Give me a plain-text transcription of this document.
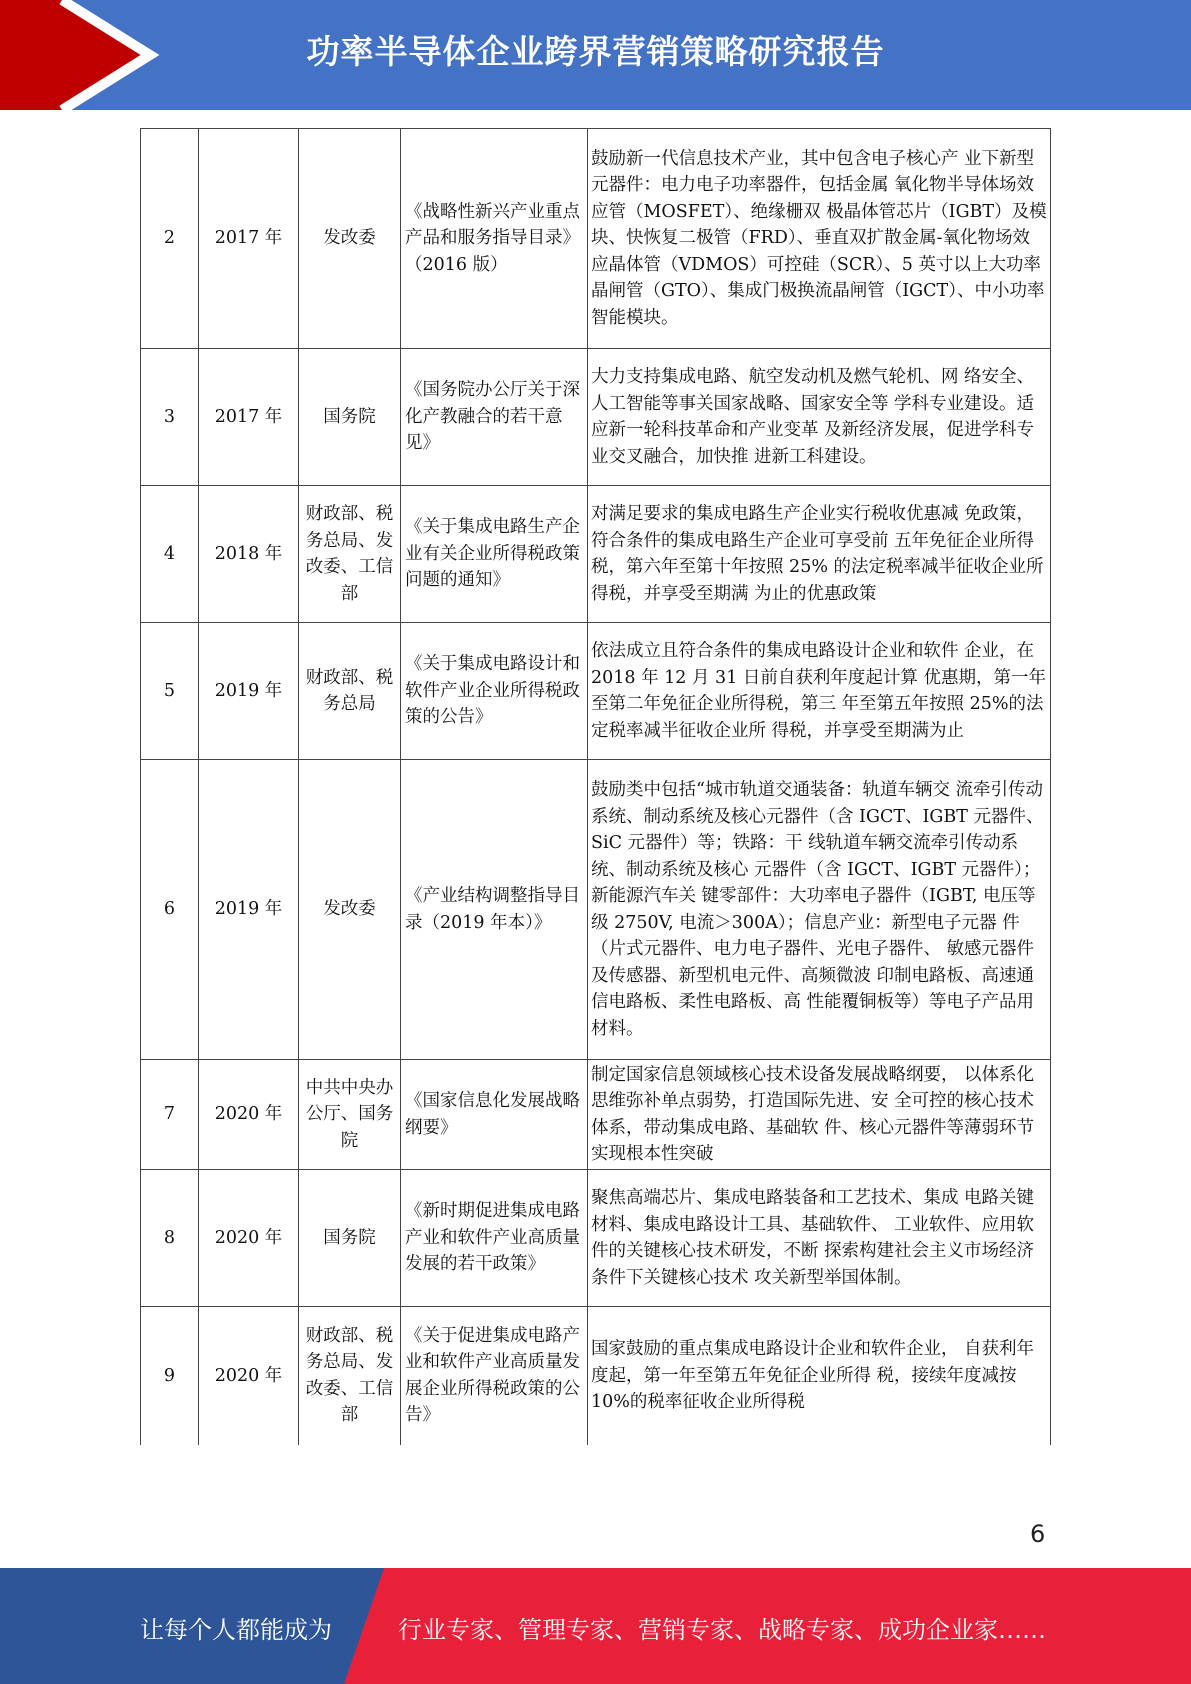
功率半导体企业跨界营销策略研究报告
2	2017 年	发改委	《战略性新兴产业重点产品和服务指导目录》（2016 版）	鼓励新一代信息技术产业，其中包含电子核心产 业下新型元器件：电力电子功率器件，包括金属 氧化物半导体场效应管（MOSFET）、绝缘栅双 极晶体管芯片（IGBT）及模块、快恢复二极管（FRD）、垂直双扩散金属-氧化物场效应晶体管（VDMOS）可控硅（SCR）、5 英寸以上大功率 晶闸管（GTO）、集成门极换流晶闸管（IGCT）、中小功率智能模块。
3	2017 年	国务院	《国务院办公厅关于深化产教融合的若干意见》	大力支持集成电路、航空发动机及燃气轮机、网 络安全、人工智能等事关国家战略、国家安全等 学科专业建设。适应新一轮科技革命和产业变革 及新经济发展，促进学科专业交叉融合，加快推 进新工科建设。
4	2018 年	财政部、税务总局、发改委、工信部	《关于集成电路生产企业有关企业所得税政策问题的通知》	对满足要求的集成电路生产企业实行税收优惠减 免政策，符合条件的集成电路生产企业可享受前 五年免征企业所得税，第六年至第十年按照 25% 的法定税率减半征收企业所得税，并享受至期满 为止的优惠政策
5	2019 年	财政部、税务总局	《关于集成电路设计和软件产业企业所得税政策的公告》	依法成立且符合条件的集成电路设计企业和软件 企业，在 2018 年 12 月 31 日前自获利年度起计算 优惠期，第一年至第二年免征企业所得税，第三 年至第五年按照 25%的法定税率减半征收企业所 得税，并享受至期满为止
6	2019 年	发改委	《产业结构调整指导目录（2019 年本）》	鼓励类中包括“城市轨道交通装备：轨道车辆交 流牵引传动系统、制动系统及核心元器件（含 IGCT、IGBT 元器件、SiC 元器件）等；铁路：干 线轨道车辆交流牵引传动系统、制动系统及核心 元器件（含 IGCT、IGBT 元器件）；新能源汽车关 键零部件：大功率电子器件（IGBT, 电压等级 2750V, 电流＞300A）；信息产业：新型电子元器 件（片式元器件、电力电子器件、光电子器件、 敏感元器件及传感器、新型机电元件、高频微波 印制电路板、高速通信电路板、柔性电路板、高 性能覆铜板等）等电子产品用材料。
7	2020 年	中共中央办公厅、国务院	《国家信息化发展战略纲要》	制定国家信息领域核心技术设备发展战略纲要， 以体系化思维弥补单点弱势，打造国际先进、安 全可控的核心技术体系，带动集成电路、基础软 件、核心元器件等薄弱环节实现根本性突破
8	2020 年	国务院	《新时期促进集成电路产业和软件产业高质量发展的若干政策》	聚焦高端芯片、集成电路装备和工艺技术、集成 电路关键材料、集成电路设计工具、基础软件、 工业软件、应用软件的关键核心技术研发，不断 探索构建社会主义市场经济条件下关键核心技术 攻关新型举国体制。
9	2020 年	财政部、税务总局、发改委、工信部	《关于促进集成电路产业和软件产业高质量发展企业所得税政策的公告》	国家鼓励的重点集成电路设计企业和软件企业， 自获利年度起，第一年至第五年免征企业所得 税，接续年度减按 10%的税率征收企业所得税
6
让每个人都能成为	行业专家、管理专家、营销专家、战略专家、成功企业家……
